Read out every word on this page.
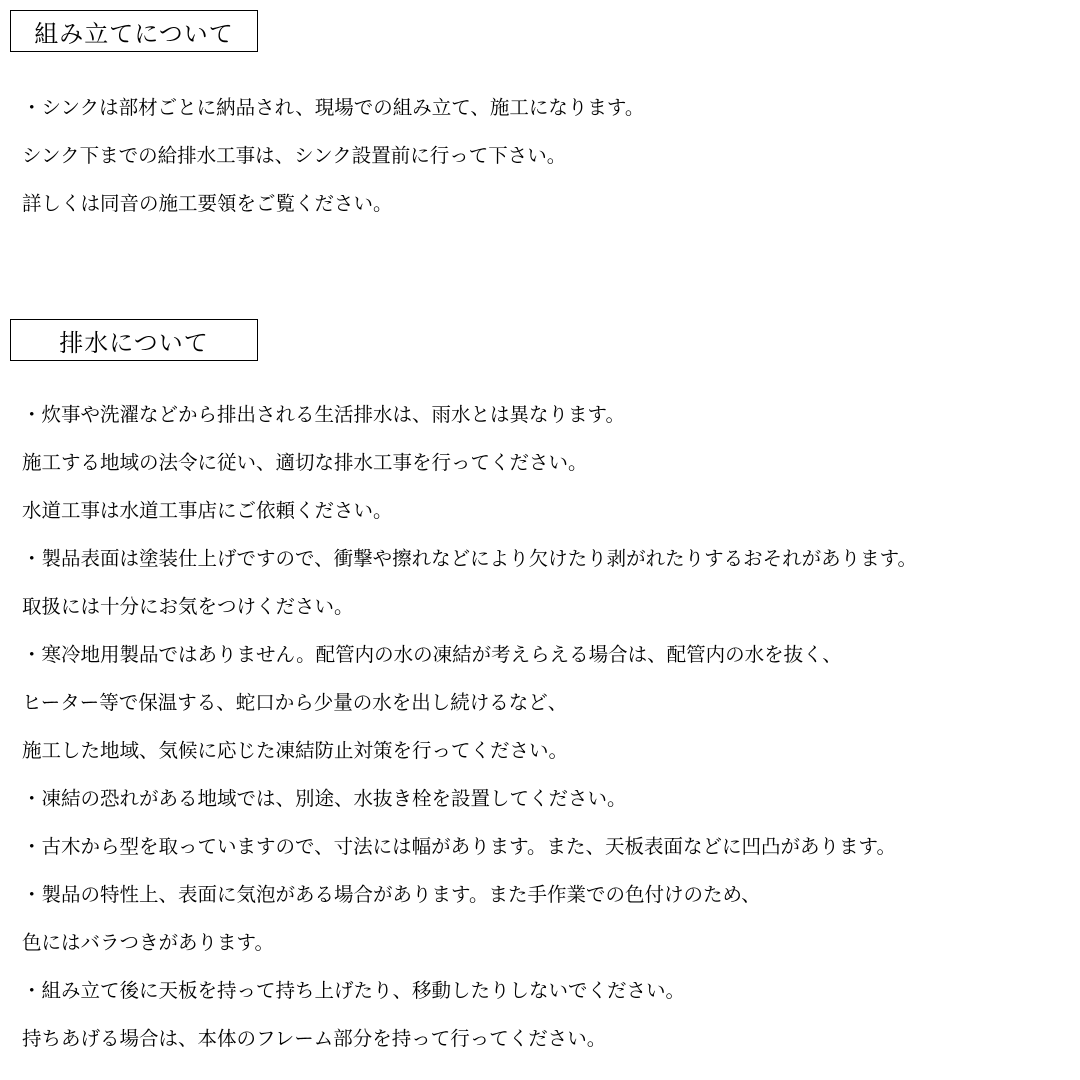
組み立てについて
・シンクは部材ごとに納品され、現場での組み立て、施工になります。
シンク下までの給排水工事は、シンク設置前に行って下さい。
詳しくは同音の施工要領をご覧ください。
排水について
・炊事や洗濯などから排出される生活排水は、雨水とは異なります。
施工する地域の法令に従い、適切な排水工事を行ってください。
水道工事は水道工事店にご依頼ください。
・製品表面は塗装仕上げですので、衝撃や擦れなどにより欠けたり剥がれたりするおそれがあります。
取扱には十分にお気をつけください。
・寒冷地用製品ではありません。配管内の水の凍結が考えらえる場合は、配管内の水を抜く、
ヒーター等で保温する、蛇口から少量の水を出し続けるなど、
施工した地域、気候に応じた凍結防止対策を行ってください。
・凍結の恐れがある地域では、別途、水抜き栓を設置してください。
・古木から型を取っていますので、寸法には幅があります。また、天板表面などに凹凸があります。
・製品の特性上、表面に気泡がある場合があります。また手作業での色付けのため、
色にはバラつきがあります。
・組み立て後に天板を持って持ち上げたり、移動したりしないでください。
持ちあげる場合は、本体のフレーム部分を持って行ってください。
